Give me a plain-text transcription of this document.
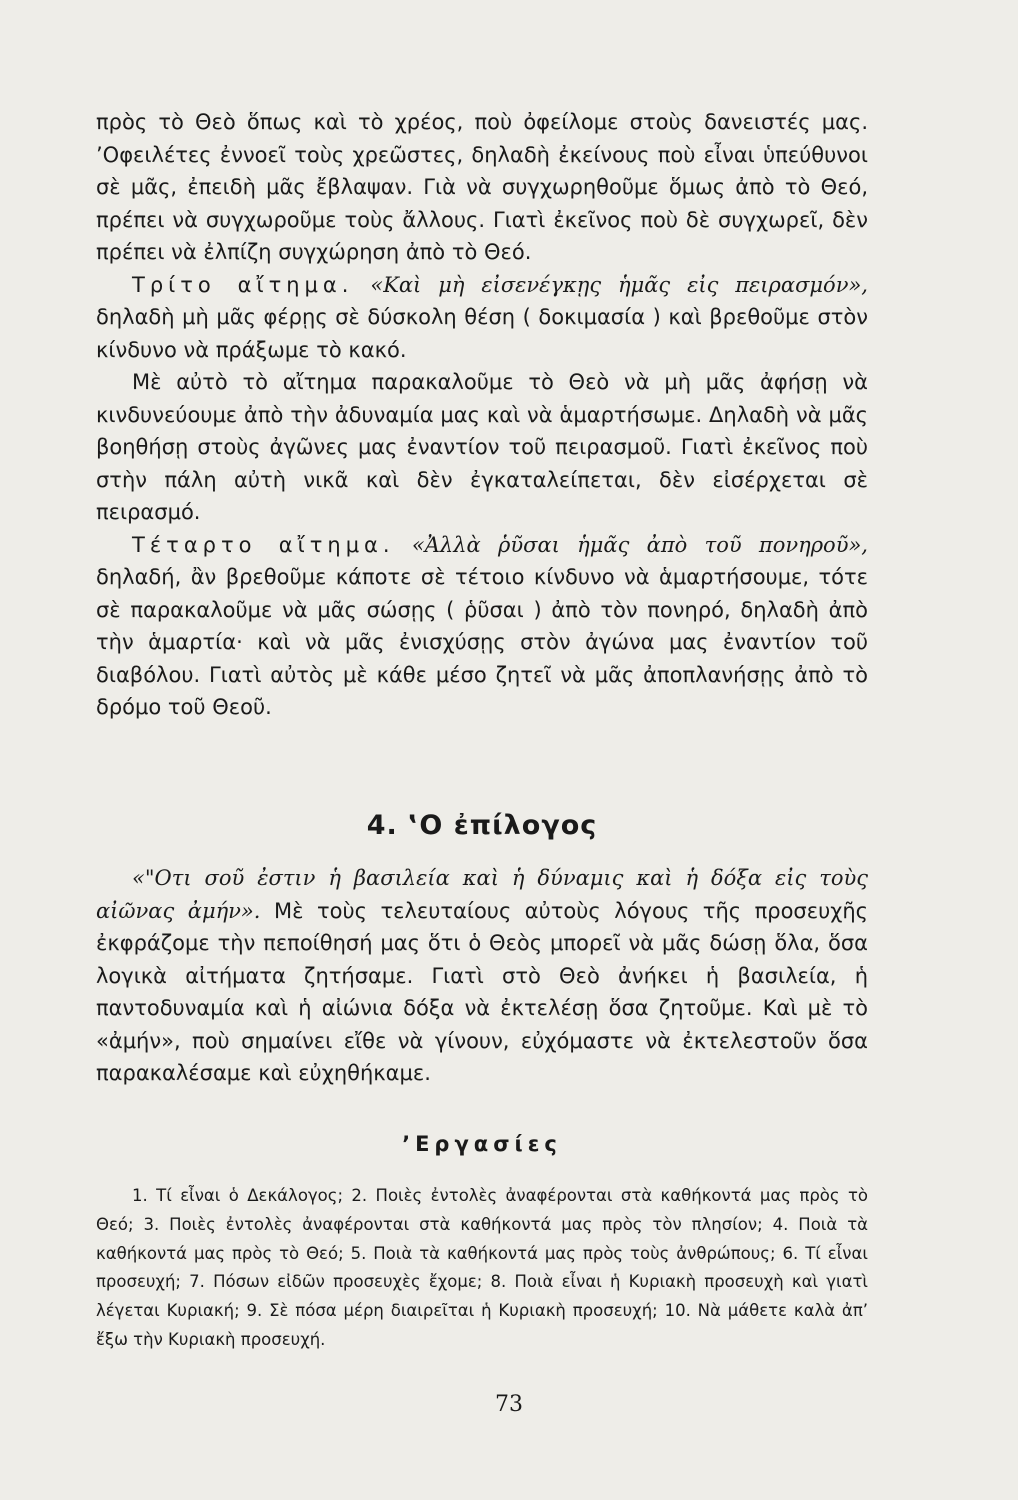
πρὸς τὸ Θεὸ ὅπως καὶ τὸ χρέος, ποὺ ὀφείλομε στοὺς δανειστές μας. ’Οφειλέτες ἐννοεῖ τοὺς χρεῶστες, δηλαδὴ ἐκείνους ποὺ εἶναι ὑπεύθυνοι σὲ μᾶς, ἐπειδὴ μᾶς ἔβλαψαν. Γιὰ νὰ συγχωρηθοῦμε ὅμως ἀπὸ τὸ Θεό, πρέπει νὰ συγχωροῦμε τοὺς ἄλλους. Γιατὶ ἐκεῖνος ποὺ δὲ συγχωρεῖ, δὲν πρέπει νὰ ἐλπίζη συγχώρηση ἀπὸ τὸ Θεό.

Τρίτο αἴτημα. «Καὶ μὴ εἰσενέγκῃς ἡμᾶς εἰς πειρασμόν», δηλαδὴ μὴ μᾶς φέρῃς σὲ δύσκολη θέση ( δοκιμασία ) καὶ βρεθοῦμε στὸν κίνδυνο νὰ πράξωμε τὸ κακό.

Μὲ αὐτὸ τὸ αἴτημα παρακαλοῦμε τὸ Θεὸ νὰ μὴ μᾶς ἀφήσῃ νὰ κινδυνεύουμε ἀπὸ τὴν ἀδυναμία μας καὶ νὰ ἁμαρτήσωμε. Δηλαδὴ νὰ μᾶς βοηθήσῃ στοὺς ἀγῶνες μας ἐναντίον τοῦ πειρασμοῦ. Γιατὶ ἐκεῖνος ποὺ στὴν πάλη αὐτὴ νικᾶ καὶ δὲν ἐγκαταλείπεται, δὲν εἰσέρχεται σὲ πειρασμό.

Τέταρτο αἴτημα. «Ἀλλὰ ῥῦσαι ἡμᾶς ἀπὸ τοῦ πονηροῦ», δηλαδή, ἂν βρεθοῦμε κάποτε σὲ τέτοιο κίνδυνο νὰ ἁμαρτήσουμε, τότε σὲ παρακαλοῦμε νὰ μᾶς σώσῃς ( ῥῦσαι ) ἀπὸ τὸν πονηρό, δηλαδὴ ἀπὸ τὴν ἁμαρτία· καὶ νὰ μᾶς ἐνισχύσῃς στὸν ἀγώνα μας ἐναντίον τοῦ διαβόλου. Γιατὶ αὐτὸς μὲ κάθε μέσο ζητεῖ νὰ μᾶς ἀποπλανήσῃς ἀπὸ τὸ δρόμο τοῦ Θεοῦ.

4. ‛Ο ἐπίλογος

«"Οτι σοῦ ἐστιν ἡ βασιλεία καὶ ἡ δύναμις καὶ ἡ δόξα εἰς τοὺς αἰῶνας ἀμήν». Μὲ τοὺς τελευταίους αὐτοὺς λόγους τῆς προσευχῆς ἐκφράζομε τὴν πεποίθησή μας ὅτι ὁ Θεὸς μπορεῖ νὰ μᾶς δώσῃ ὅλα, ὅσα λογικὰ αἰτήματα ζητήσαμε. Γιατὶ στὸ Θεὸ ἀνήκει ἡ βασιλεία, ἡ παντοδυναμία καὶ ἡ αἰώνια δόξα νὰ ἐκτελέσῃ ὅσα ζητοῦμε. Καὶ μὲ τὸ «ἀμήν», ποὺ σημαίνει εἴθε νὰ γίνουν, εὐχόμαστε νὰ ἐκτελεστοῦν ὅσα παρακαλέσαμε καὶ εὐχηθήκαμε.

’Εργασίες

1. Τί εἶναι ὁ Δεκάλογος; 2. Ποιὲς ἐντολὲς ἀναφέρονται στὰ καθήκοντά μας πρὸς τὸ Θεό; 3. Ποιὲς ἐντολὲς ἀναφέρονται στὰ καθήκοντά μας πρὸς τὸν πλησίον; 4. Ποιὰ τὰ καθήκοντά μας πρὸς τὸ Θεό; 5. Ποιὰ τὰ καθήκοντά μας πρὸς τοὺς ἀνθρώπους; 6. Τί εἶναι προσευχή; 7. Πόσων εἰδῶν προσευχὲς ἔχομε; 8. Ποιὰ εἶναι ἡ Κυριακὴ προσευχὴ καὶ γιατὶ λέγεται Κυριακή; 9. Σὲ πόσα μέρη διαιρεῖται ἡ Κυριακὴ προσευχή; 10. Νὰ μάθετε καλὰ ἀπ’ ἔξω τὴν Κυριακὴ προσευχή.

73
